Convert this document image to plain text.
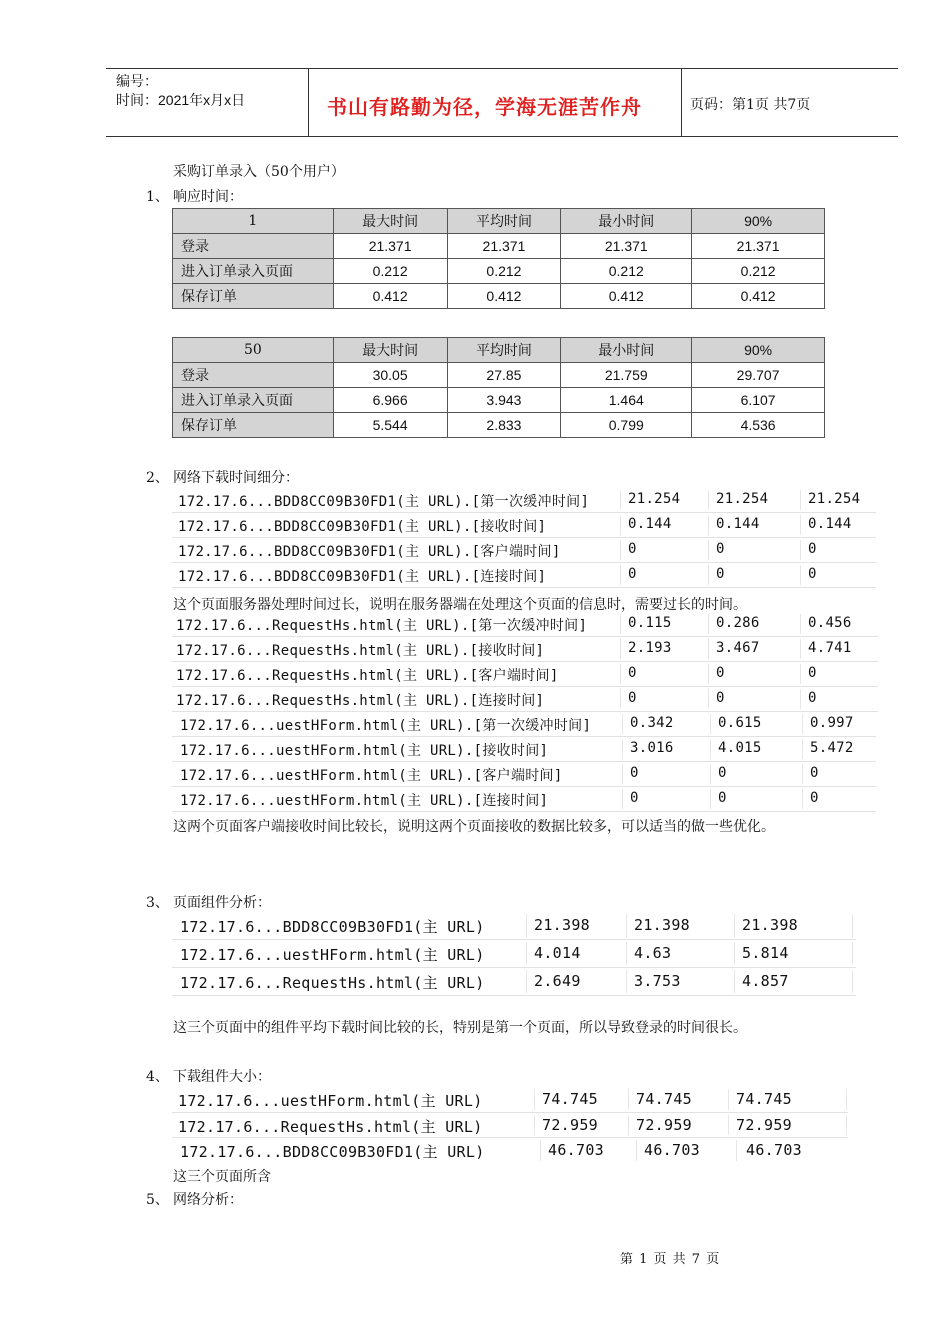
编号：
时间：2021年x月x日	书山有路勤为径，学海无涯苦作舟	页码：第1页 共7页
采购订单录入（50个用户）
1、 响应时间：
1	最大时间	平均时间	最小时间	90%
登录	21.371	21.371	21.371	21.371
进入订单录入页面	0.212	0.212	0.212	0.212
保存订单	0.412	0.412	0.412	0.412
50	最大时间	平均时间	最小时间	90%
登录	30.05	27.85	21.759	29.707
进入订单录入页面	6.966	3.943	1.464	6.107
保存订单	5.544	2.833	0.799	4.536
2、 网络下载时间细分：
172.17.6...BDD8CC09B30FD1(主 URL).[第一次缓冲时间]	21.254	21.254	21.254
172.17.6...BDD8CC09B30FD1(主 URL).[接收时间]	0.144	0.144	0.144
172.17.6...BDD8CC09B30FD1(主 URL).[客户端时间]	0	0	0
172.17.6...BDD8CC09B30FD1(主 URL).[连接时间]	0	0	0
这个页面服务器处理时间过长，说明在服务器端在处理这个页面的信息时，需要过长的时间。
172.17.6...RequestHs.html(主 URL).[第一次缓冲时间]	0.115	0.286	0.456
172.17.6...RequestHs.html(主 URL).[接收时间]	2.193	3.467	4.741
172.17.6...RequestHs.html(主 URL).[客户端时间]	0	0	0
172.17.6...RequestHs.html(主 URL).[连接时间]	0	0	0
172.17.6...uestHForm.html(主 URL).[第一次缓冲时间]	0.342	0.615	0.997
172.17.6...uestHForm.html(主 URL).[接收时间]	3.016	4.015	5.472
172.17.6...uestHForm.html(主 URL).[客户端时间]	0	0	0
172.17.6...uestHForm.html(主 URL).[连接时间]	0	0	0
这两个页面客户端接收时间比较长，说明这两个页面接收的数据比较多，可以适当的做一些优化。
3、 页面组件分析：
172.17.6...BDD8CC09B30FD1(主 URL)	21.398	21.398	21.398
172.17.6...uestHForm.html(主 URL)	4.014	4.63	5.814
172.17.6...RequestHs.html(主 URL)	2.649	3.753	4.857
这三个页面中的组件平均下载时间比较的长，特别是第一个页面，所以导致登录的时间很长。
4、 下载组件大小：
172.17.6...uestHForm.html(主 URL)	74.745	74.745	74.745
172.17.6...RequestHs.html(主 URL)	72.959	72.959	72.959
172.17.6...BDD8CC09B30FD1(主 URL)	46.703	46.703	46.703
这三个页面所含
5、 网络分析：
第 1 页 共 7 页
